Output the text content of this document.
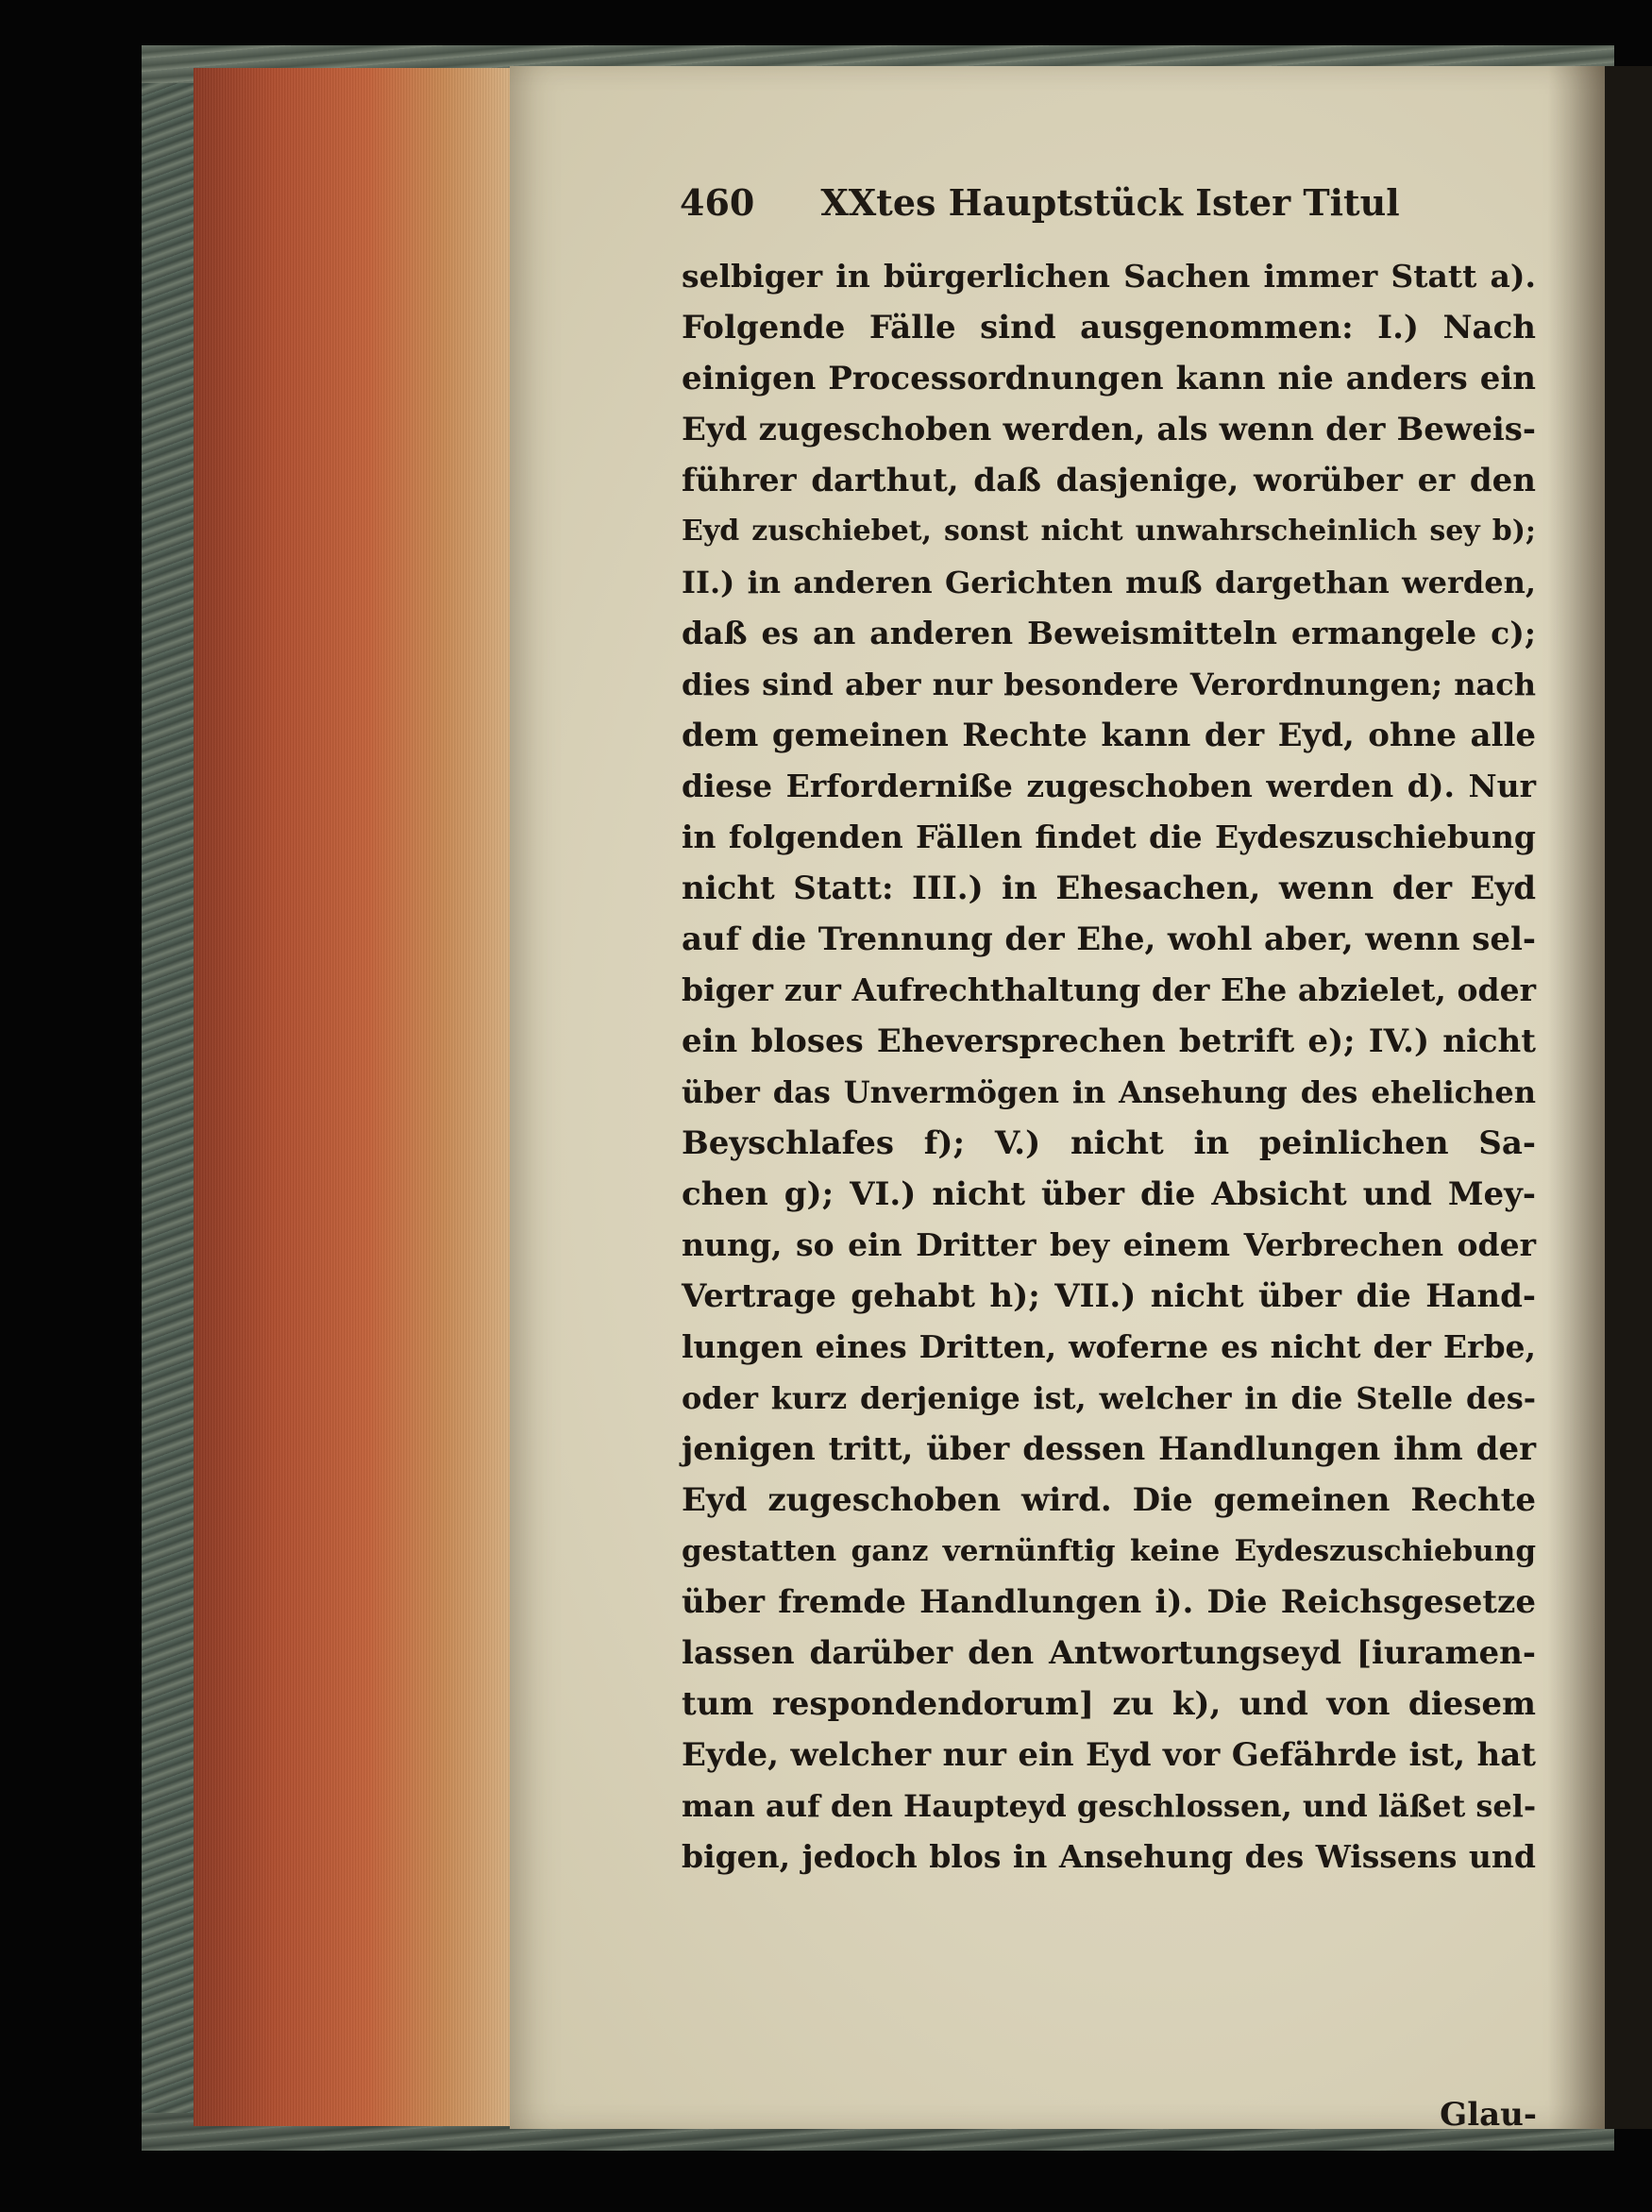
460 XXtes Hauptstück Ister Titul
selbiger in bürgerlichen Sachen immer Statt a).
Folgende Fälle sind ausgenommen: I.) Nach
einigen Processordnungen kann nie anders ein
Eyd zugeschoben werden, als wenn der Beweis-
führer darthut, daß dasjenige, worüber er den
Eyd zuschiebet, sonst nicht unwahrscheinlich sey b);
II.) in anderen Gerichten muß dargethan werden,
daß es an anderen Beweismitteln ermangele c);
dies sind aber nur besondere Verordnungen; nach
dem gemeinen Rechte kann der Eyd, ohne alle
diese Erforderniße zugeschoben werden d). Nur
in folgenden Fällen findet die Eydeszuschiebung
nicht Statt: III.) in Ehesachen, wenn der Eyd
auf die Trennung der Ehe, wohl aber, wenn sel-
biger zur Aufrechthaltung der Ehe abzielet, oder
ein bloses Eheversprechen betrift e); IV.) nicht
über das Unvermögen in Ansehung des ehelichen
Beyschlafes f); V.) nicht in peinlichen Sa-
chen g); VI.) nicht über die Absicht und Mey-
nung, so ein Dritter bey einem Verbrechen oder
Vertrage gehabt h); VII.) nicht über die Hand-
lungen eines Dritten, woferne es nicht der Erbe,
oder kurz derjenige ist, welcher in die Stelle des-
jenigen tritt, über dessen Handlungen ihm der
Eyd zugeschoben wird. Die gemeinen Rechte
gestatten ganz vernünftig keine Eydeszuschiebung
über fremde Handlungen i). Die Reichsgesetze
lassen darüber den Antwortungseyd [iuramen-
tum respondendorum] zu k), und von diesem
Eyde, welcher nur ein Eyd vor Gefährde ist, hat
man auf den Haupteyd geschlossen, und läßet sel-
bigen, jedoch blos in Ansehung des Wissens und
Glau-
